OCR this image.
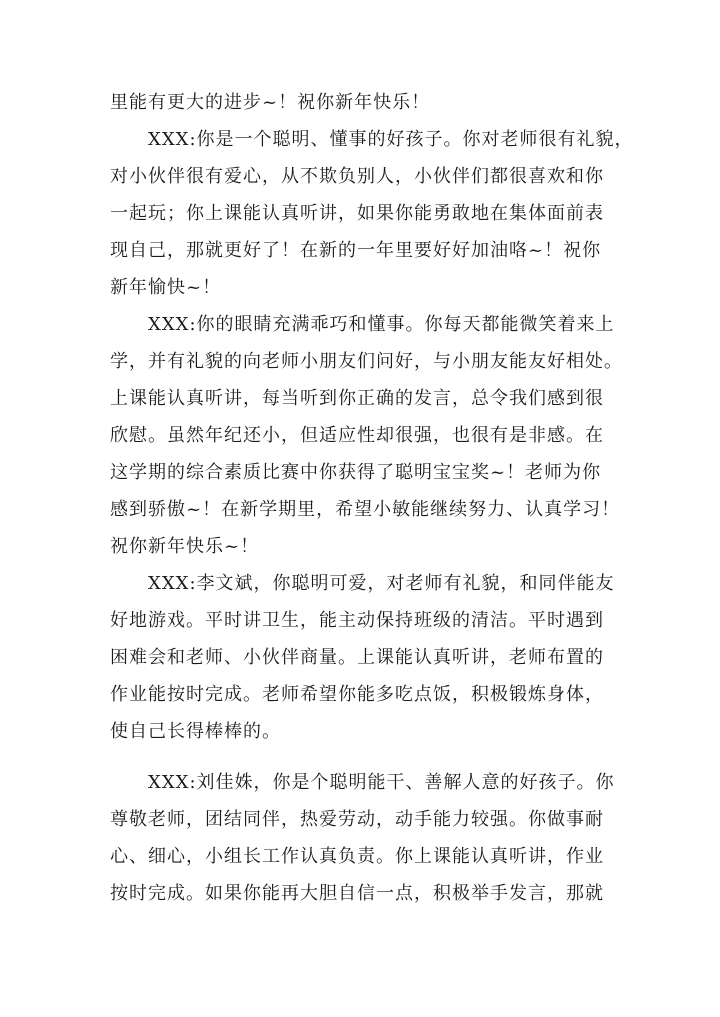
里能有更大的进步~！祝你新年快乐！
XXX:你是一个聪明、懂事的好孩子。你对老师很有礼貌，
对小伙伴很有爱心，从不欺负别人，小伙伴们都很喜欢和你
一起玩；你上课能认真听讲，如果你能勇敢地在集体面前表
现自己，那就更好了！在新的一年里要好好加油咯~！祝你
新年愉快~！
XXX:你的眼睛充满乖巧和懂事。你每天都能微笑着来上
学，并有礼貌的向老师小朋友们问好，与小朋友能友好相处。
上课能认真听讲，每当听到你正确的发言，总令我们感到很
欣慰。虽然年纪还小，但适应性却很强，也很有是非感。在
这学期的综合素质比赛中你获得了聪明宝宝奖~！老师为你
感到骄傲~！在新学期里，希望小敏能继续努力、认真学习！
祝你新年快乐~！
XXX:李文斌，你聪明可爱，对老师有礼貌，和同伴能友
好地游戏。平时讲卫生，能主动保持班级的清洁。平时遇到
困难会和老师、小伙伴商量。上课能认真听讲，老师布置的
作业能按时完成。老师希望你能多吃点饭，积极锻炼身体，
使自己长得棒棒的。
XXX:刘佳姝，你是个聪明能干、善解人意的好孩子。你
尊敬老师，团结同伴，热爱劳动，动手能力较强。你做事耐
心、细心，小组长工作认真负责。你上课能认真听讲，作业
按时完成。如果你能再大胆自信一点，积极举手发言，那就
